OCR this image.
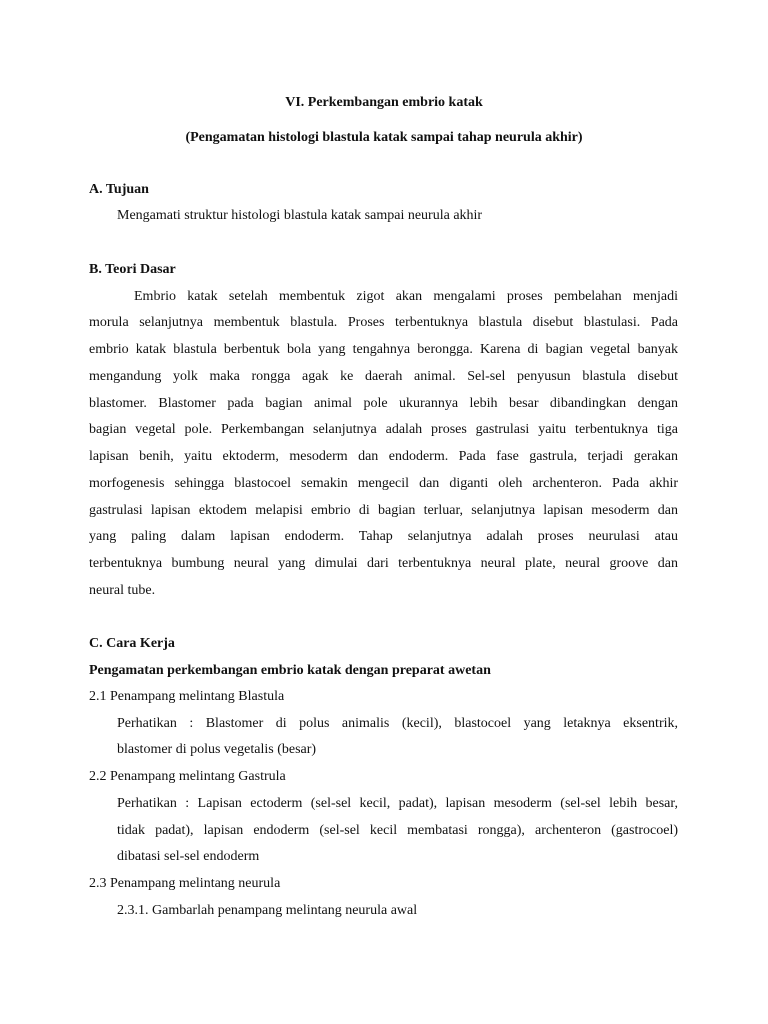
VI. Perkembangan embrio katak
(Pengamatan histologi blastula katak sampai tahap neurula akhir)
A. Tujuan
Mengamati struktur histologi blastula katak sampai neurula akhir
B. Teori Dasar
Embrio katak setelah membentuk zigot akan mengalami proses pembelahan menjadi
morula selanjutnya membentuk blastula. Proses terbentuknya blastula disebut blastulasi. Pada
embrio katak blastula berbentuk bola yang tengahnya berongga. Karena di bagian vegetal banyak
mengandung yolk maka rongga agak ke daerah animal. Sel-sel penyusun blastula disebut
blastomer. Blastomer pada bagian animal pole ukurannya lebih besar dibandingkan dengan
bagian vegetal pole. Perkembangan selanjutnya adalah proses gastrulasi yaitu terbentuknya tiga
lapisan benih, yaitu ektoderm, mesoderm dan endoderm. Pada fase gastrula, terjadi gerakan
morfogenesis sehingga blastocoel semakin mengecil dan diganti oleh archenteron. Pada akhir
gastrulasi lapisan ektodem melapisi embrio di bagian terluar, selanjutnya lapisan mesoderm dan
yang paling dalam lapisan endoderm. Tahap selanjutnya adalah proses neurulasi atau
terbentuknya bumbung neural yang dimulai dari terbentuknya neural plate, neural groove dan
neural tube.
C. Cara Kerja
Pengamatan perkembangan embrio katak dengan preparat awetan
2.1 Penampang melintang Blastula
Perhatikan : Blastomer di polus animalis (kecil), blastocoel yang letaknya eksentrik,
blastomer di polus vegetalis (besar)
2.2 Penampang melintang Gastrula
Perhatikan : Lapisan ectoderm (sel-sel kecil, padat), lapisan mesoderm (sel-sel lebih besar,
tidak padat), lapisan endoderm (sel-sel kecil membatasi rongga), archenteron (gastrocoel)
dibatasi sel-sel endoderm
2.3 Penampang melintang neurula
2.3.1. Gambarlah penampang melintang neurula awal
